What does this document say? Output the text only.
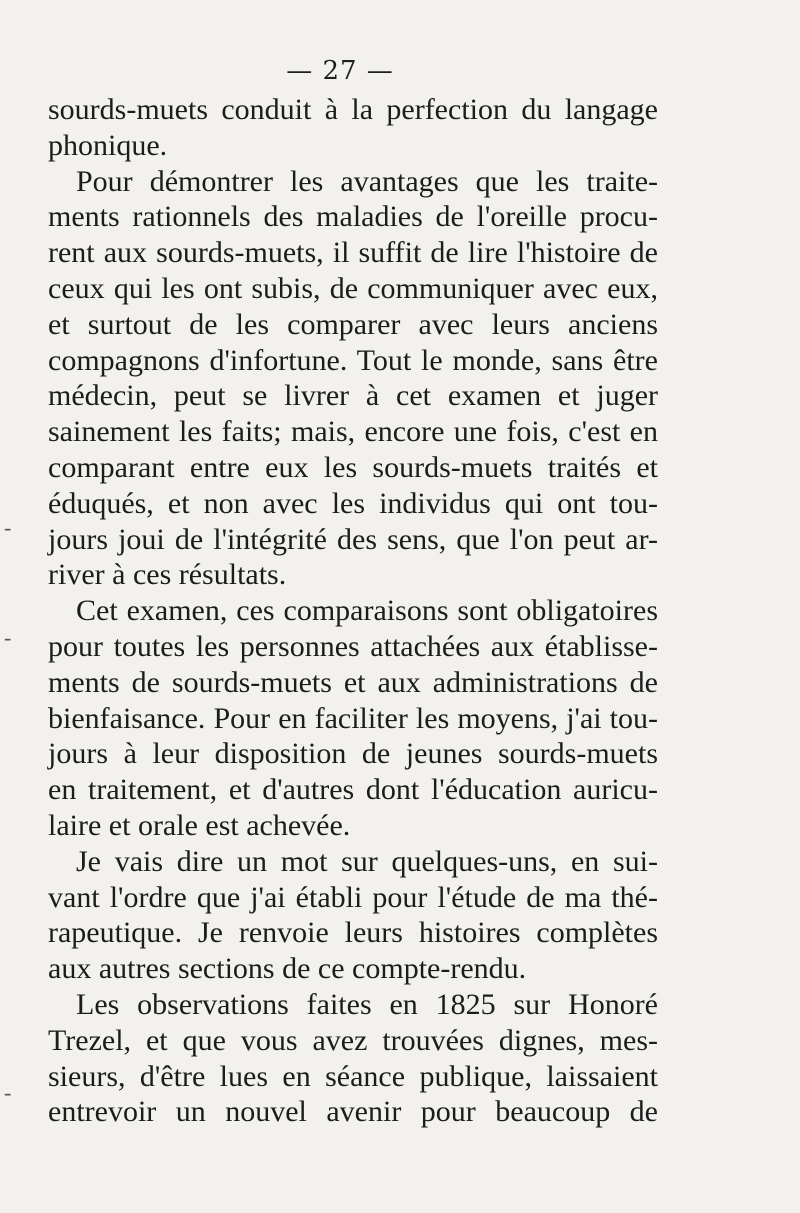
— 27 —
sourds-muets conduit à la perfection du langage
phonique.
Pour démontrer les avantages que les traite-
ments rationnels des maladies de l'oreille procu-
rent aux sourds-muets, il suffit de lire l'histoire de
ceux qui les ont subis, de communiquer avec eux,
et surtout de les comparer avec leurs anciens
compagnons d'infortune. Tout le monde, sans être
médecin, peut se livrer à cet examen et juger
sainement les faits; mais, encore une fois, c'est en
comparant entre eux les sourds-muets traités et
éduqués, et non avec les individus qui ont tou-
jours joui de l'intégrité des sens, que l'on peut ar-
river à ces résultats.
Cet examen, ces comparaisons sont obligatoires
pour toutes les personnes attachées aux établisse-
ments de sourds-muets et aux administrations de
bienfaisance. Pour en faciliter les moyens, j'ai tou-
jours à leur disposition de jeunes sourds-muets
en traitement, et d'autres dont l'éducation auricu-
laire et orale est achevée.
Je vais dire un mot sur quelques-uns, en sui-
vant l'ordre que j'ai établi pour l'étude de ma thé-
rapeutique. Je renvoie leurs histoires complètes
aux autres sections de ce compte-rendu.
Les observations faites en 1825 sur Honoré
Trezel, et que vous avez trouvées dignes, mes-
sieurs, d'être lues en séance publique, laissaient
entrevoir un nouvel avenir pour beaucoup de
-
-
-
